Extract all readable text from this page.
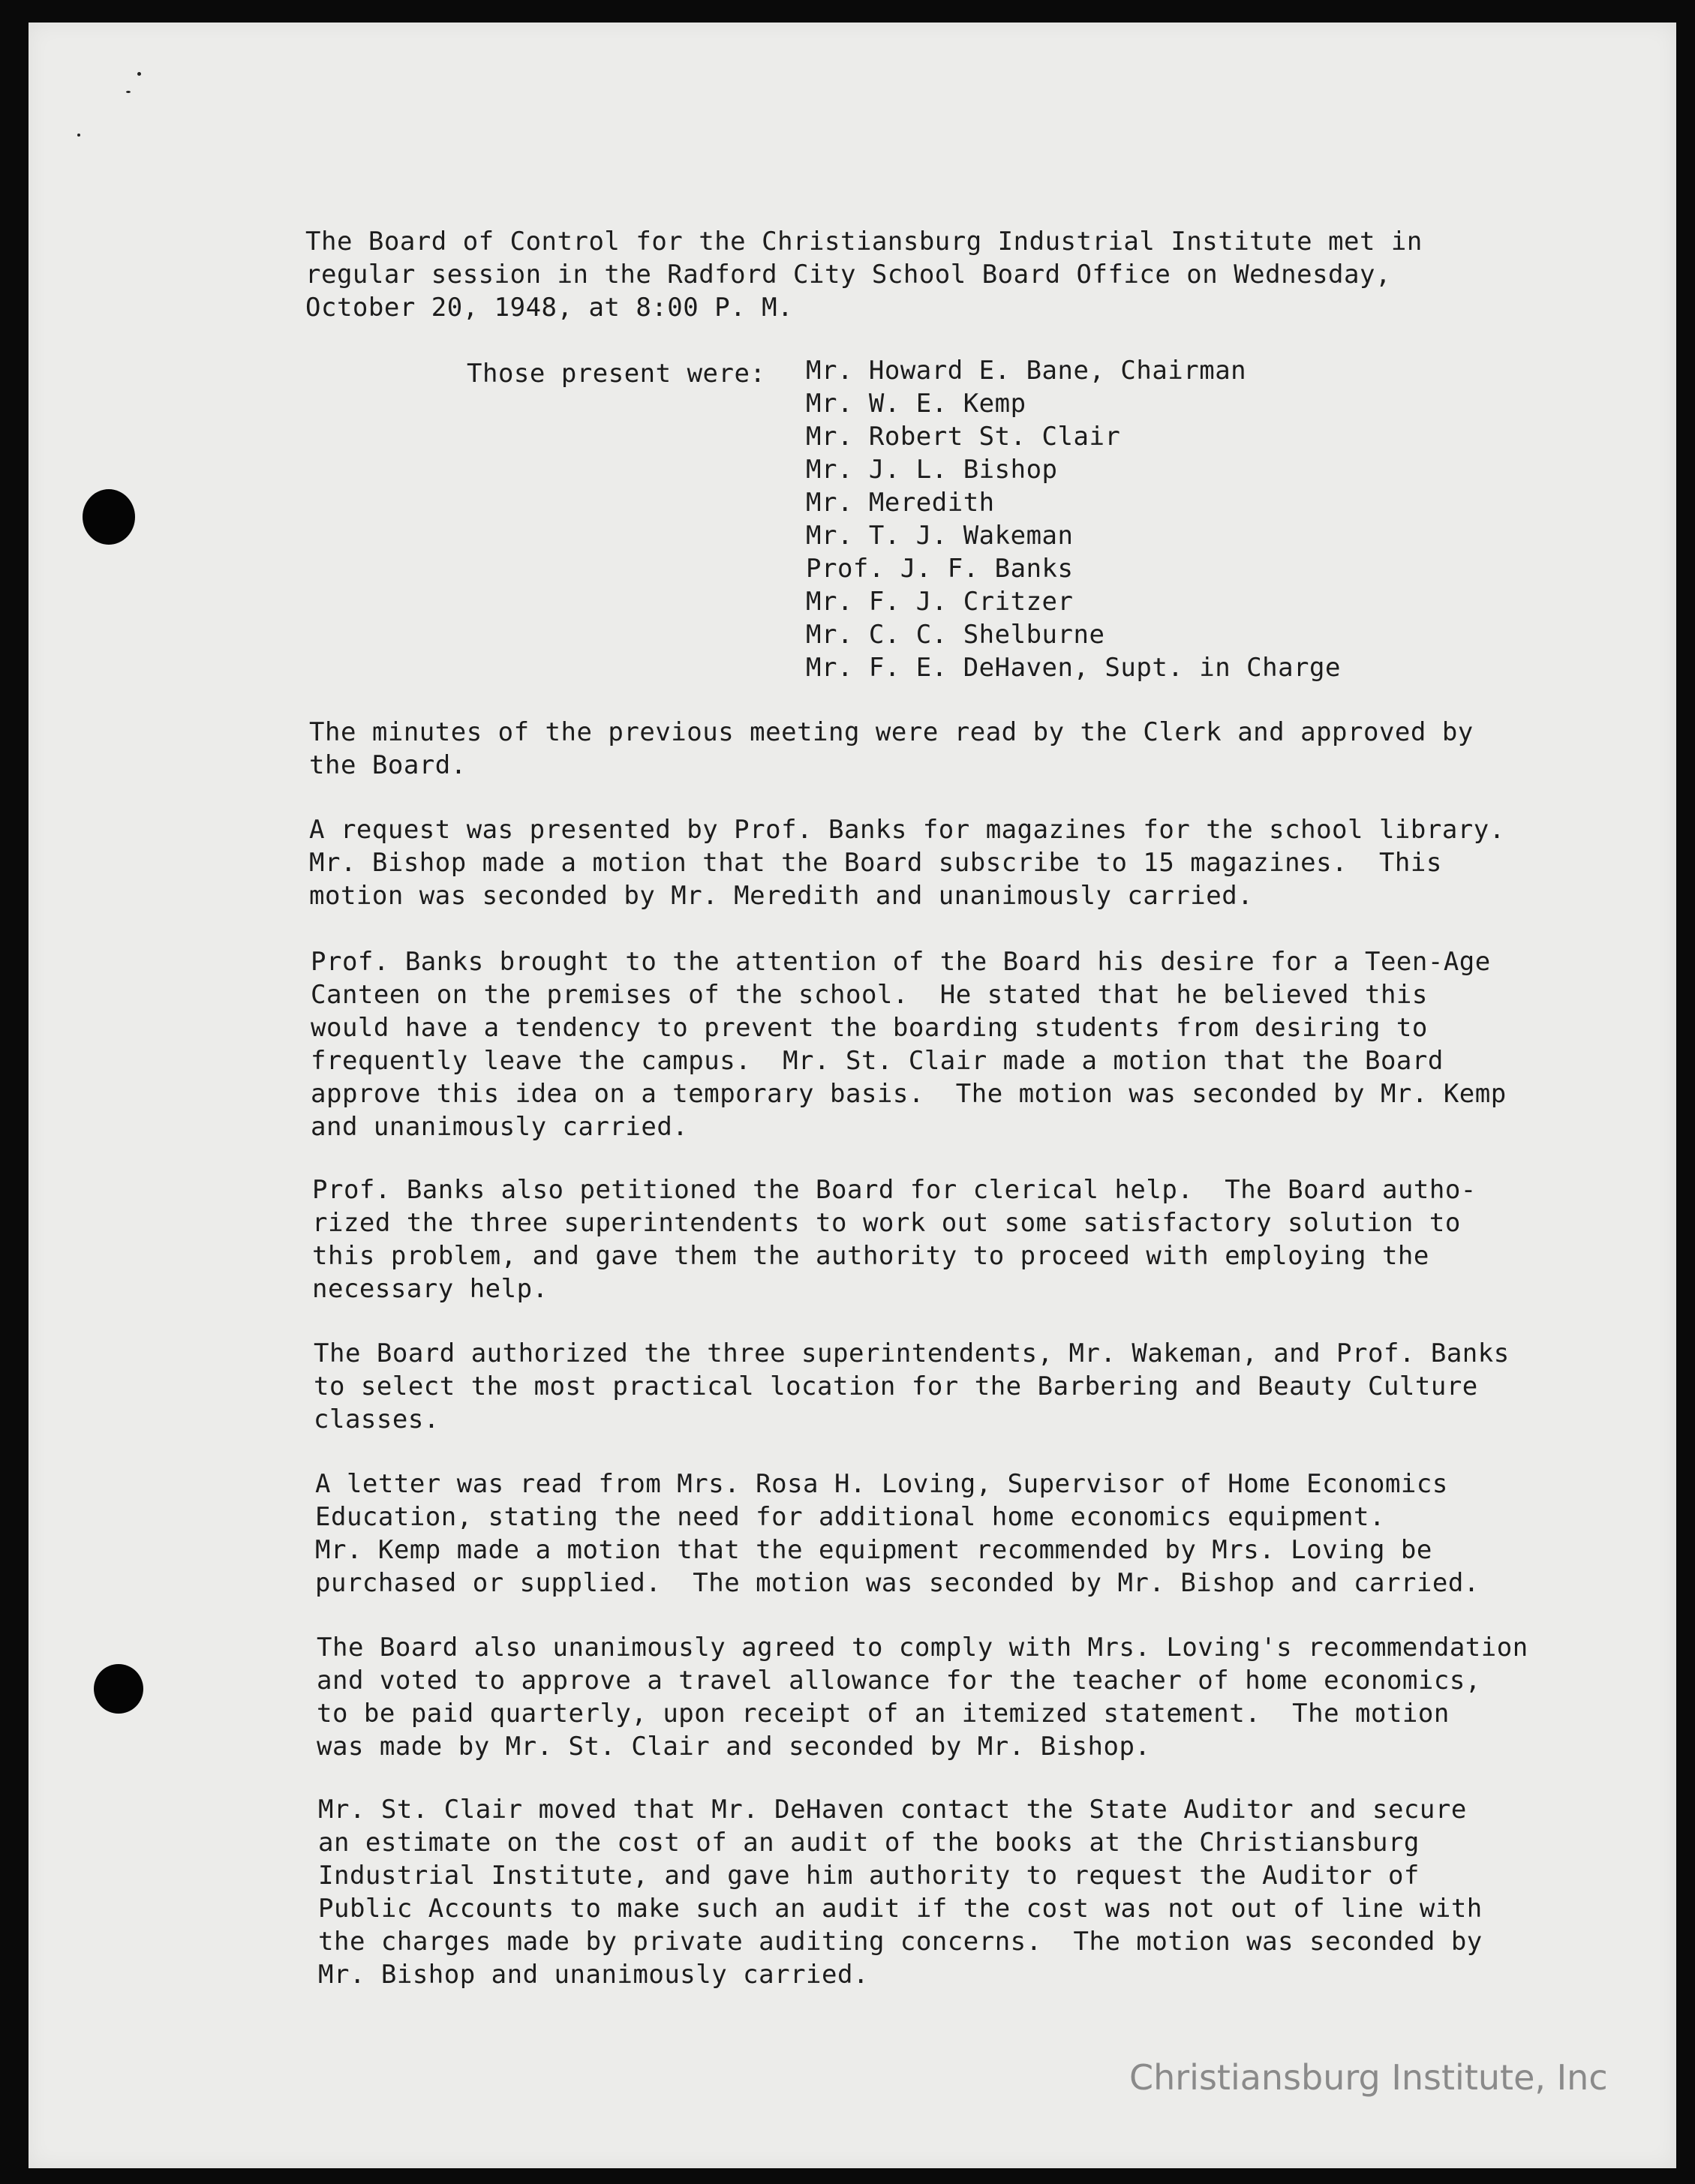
The Board of Control for the Christiansburg Industrial Institute met in

regular session in the Radford City School Board Office on Wednesday,

October 20, 1948, at 8:00 P. M.

Those present were:

Mr. Howard E. Bane, Chairman

Mr. W. E. Kemp

Mr. Robert St. Clair

Mr. J. L. Bishop

Mr. Meredith

Mr. T. J. Wakeman

Prof. J. F. Banks

Mr. F. J. Critzer

Mr. C. C. Shelburne

Mr. F. E. DeHaven, Supt. in Charge

The minutes of the previous meeting were read by the Clerk and approved by

the Board.

A request was presented by Prof. Banks for magazines for the school library.

Mr. Bishop made a motion that the Board subscribe to 15 magazines.  This

motion was seconded by Mr. Meredith and unanimously carried.

Prof. Banks brought to the attention of the Board his desire for a Teen-Age

Canteen on the premises of the school.  He stated that he believed this

would have a tendency to prevent the boarding students from desiring to

frequently leave the campus.  Mr. St. Clair made a motion that the Board

approve this idea on a temporary basis.  The motion was seconded by Mr. Kemp

and unanimously carried.

Prof. Banks also petitioned the Board for clerical help.  The Board autho-

rized the three superintendents to work out some satisfactory solution to

this problem, and gave them the authority to proceed with employing the

necessary help.

The Board authorized the three superintendents, Mr. Wakeman, and Prof. Banks

to select the most practical location for the Barbering and Beauty Culture

classes.

A letter was read from Mrs. Rosa H. Loving, Supervisor of Home Economics

Education, stating the need for additional home economics equipment.

Mr. Kemp made a motion that the equipment recommended by Mrs. Loving be

purchased or supplied.  The motion was seconded by Mr. Bishop and carried.

The Board also unanimously agreed to comply with Mrs. Loving's recommendation

and voted to approve a travel allowance for the teacher of home economics,

to be paid quarterly, upon receipt of an itemized statement.  The motion

was made by Mr. St. Clair and seconded by Mr. Bishop.

Mr. St. Clair moved that Mr. DeHaven contact the State Auditor and secure

an estimate on the cost of an audit of the books at the Christiansburg

Industrial Institute, and gave him authority to request the Auditor of

Public Accounts to make such an audit if the cost was not out of line with

the charges made by private auditing concerns.  The motion was seconded by

Mr. Bishop and unanimously carried.

Christiansburg Institute, Inc
